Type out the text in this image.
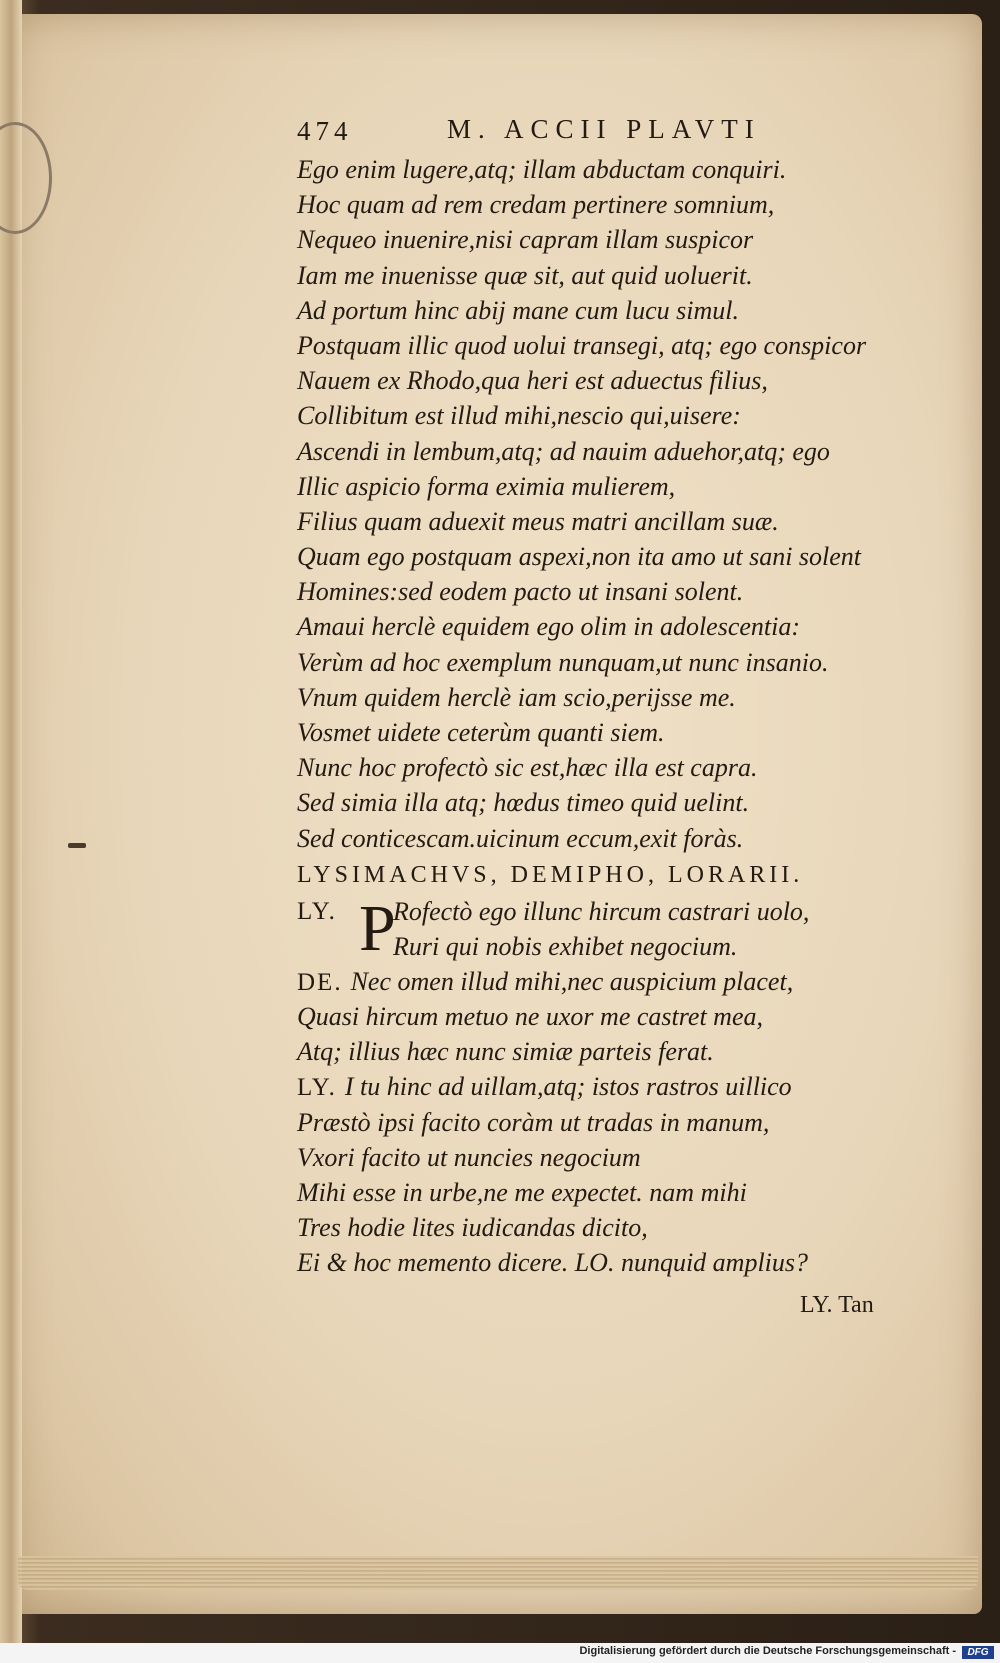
474	M. ACCII PLAVTI
Ego enim lugere,atq; illam abductam conquiri.
Hoc quam ad rem credam pertinere somnium,
Nequeo inuenire,nisi capram illam suspicor
Iam me inuenisse quæ sit, aut quid uoluerit.
Ad portum hinc abij mane cum lucu simul.
Postquam illic quod uolui transegi, atq; ego conspicor
Nauem ex Rhodo,qua heri est aduectus filius,
Collibitum est illud mihi,nescio qui,uisere:
Ascendi in lembum,atq; ad nauim aduehor,atq; ego
Illic aspicio forma eximia mulierem,
Filius quam aduexit meus matri ancillam suæ.
Quam ego postquam aspexi,non ita amo ut sani solent
Homines:sed eodem pacto ut insani solent.
Amaui herclè equidem ego olim in adolescentia:
Verùm ad hoc exemplum nunquam,ut nunc insanio.
Vnum quidem herclè iam scio,perijsse me.
Vosmet uidete ceterùm quanti siem.
Nunc hoc profectò sic est,hæc illa est capra.
Sed simia illa atq; hœdus timeo quid uelint.
Sed conticescam.uicinum eccum,exit foràs.
LYSIMACHVS, DEMIPHO, LORARII.
LY. P
Rofectò ego illunc hircum castrari uolo,
Ruri qui nobis exhibet negocium.
DE. Nec omen illud mihi,nec auspicium placet,
Quasi hircum metuo ne uxor me castret mea,
Atq; illius hæc nunc simiæ parteis ferat.
LY. I tu hinc ad uillam,atq; istos rastros uillico
Præstò ipsi facito coràm ut tradas in manum,
Vxori facito ut nuncies negocium
Mihi esse in urbe,ne me expectet. nam mihi
Tres hodie lites iudicandas dicito,
Ei & hoc memento dicere. LO. nunquid amplius?
LY. Tan
Digitalisierung gefördert durch die Deutsche Forschungsgemeinschaft -	DFG
